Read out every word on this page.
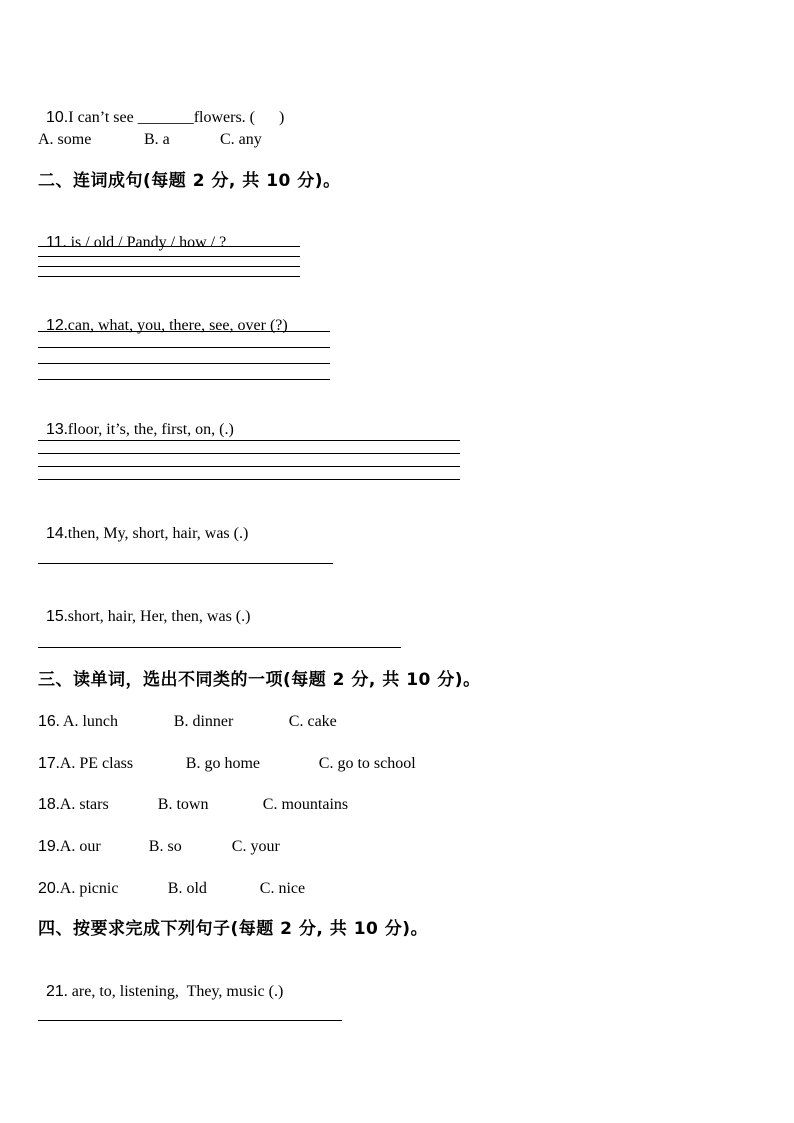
10.I can’t see _______flowers. (      )

A. some	B. a	C. any
二、连词成句(每题 2 分, 共 10 分)。

11. is / old / Pandy / how / ?

12.can, what, you, there, see, over (?)

13.floor, it’s, the, first, on, (.)

14.then, My, short, hair, was (.)

15.short, hair, Her, then, was (.)

三、读单词，选出不同类的一项(每题 2 分, 共 10 分)。
16 . A. lunch	B. dinner	C. cake
17 .A. PE class	B. go home	C. go to school
18 .A. stars	B. town	C. mountains
19 .A. our	B. so	C. your
20 .A. picnic	B. old	C. nice
四、按要求完成下列句子(每题 2 分, 共 10 分)。

21. are, to, listening,  They, music (.)
